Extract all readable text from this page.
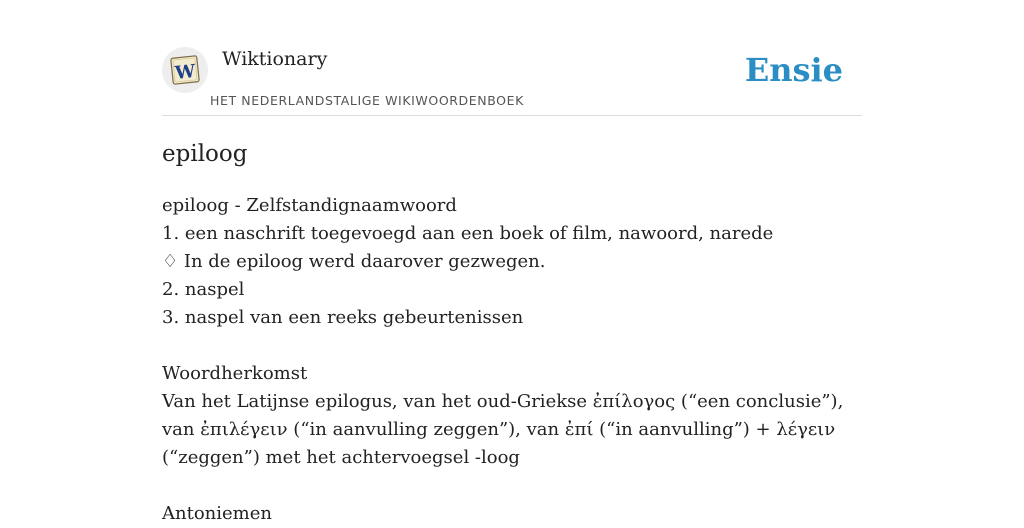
W
Wiktionary
HET NEDERLANDSTALIGE WIKIWOORDENBOEK
Ensie
epiloog
epiloog - Zelfstandignaamwoord
1. een naschrift toegevoegd aan een boek of film, nawoord, narede
♢ In de epiloog werd daarover gezwegen.
2. naspel
3. naspel van een reeks gebeurtenissen
Woordherkomst
Van het Latijnse epilogus, van het oud-Griekse ἐπίλογος (“een conclusie”), van ἐπιλέγειν (“in aanvulling zeggen”), van ἐπί (“in aanvulling”) + λέγειν (“zeggen”) met het achtervoegsel -loog
Antoniemen
